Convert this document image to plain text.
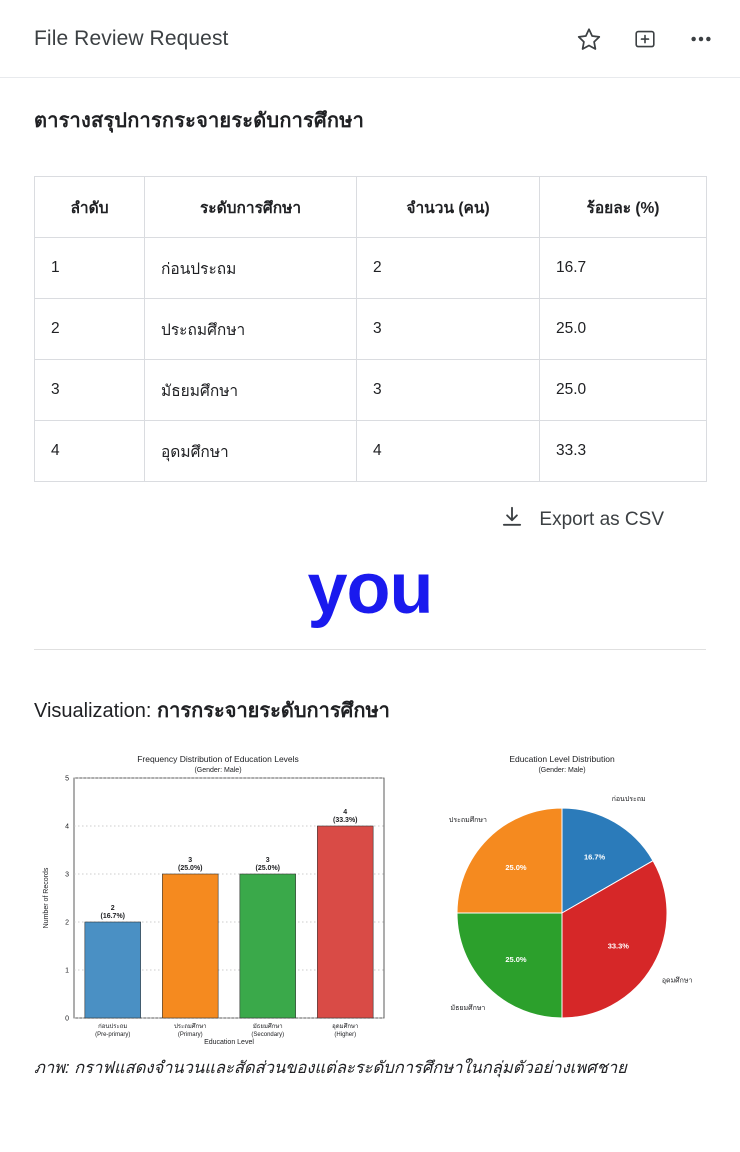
File Review Request
ตารางสรุปการกระจายระดับการศึกษา
ลำดับ	ระดับการศึกษา	จำนวน (คน)	ร้อยละ (%)
1	ก่อนประถม	2	16.7
2	ประถมศึกษา	3	25.0
3	มัธยมศึกษา	3	25.0
4	อุดมศึกษา	4	33.3
Export as CSV
you
Visualization: การกระจายระดับการศึกษา
Frequency Distribution of Education Levels
(Gender: Male)
0
1
2
3
4
5
2
(16.7%)
3
(25.0%)
3
(25.0%)
4
(33.3%)
ก่อนประถม
(Pre-primary)
ประถมศึกษา
(Primary)
มัธยมศึกษา
(Secondary)
อุดมศึกษา
(Higher)
Education Level
Number of Records
Education Level Distribution
(Gender: Male)
16.7%
33.3%
25.0%
25.0%
ก่อนประถม
อุดมศึกษา
มัธยมศึกษา
ประถมศึกษา
ภาพ: กราฟแสดงจำนวนและสัดส่วนของแต่ละระดับการศึกษาในกลุ่มตัวอย่างเพศชาย
